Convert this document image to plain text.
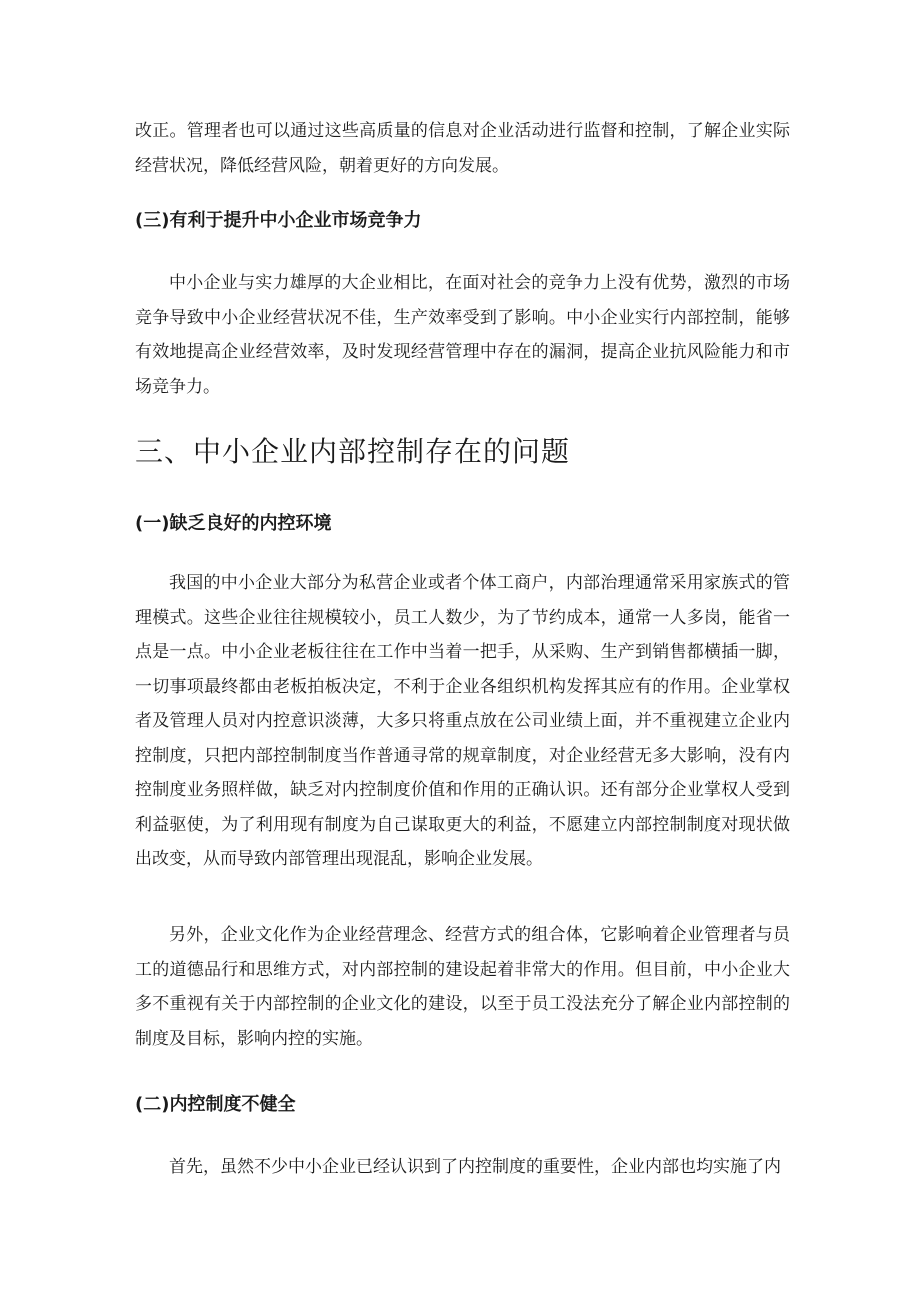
改正。管理者也可以通过这些高质量的信息对企业活动进行监督和控制，了解企业实际经营状况，降低经营风险，朝着更好的方向发展。

(三)有利于提升中小企业市场竞争力

中小企业与实力雄厚的大企业相比，在面对社会的竞争力上没有优势，激烈的市场竞争导致中小企业经营状况不佳，生产效率受到了影响。中小企业实行内部控制，能够有效地提高企业经营效率，及时发现经营管理中存在的漏洞，提高企业抗风险能力和市场竞争力。

三、中小企业内部控制存在的问题
(一)缺乏良好的内控环境

我国的中小企业大部分为私营企业或者个体工商户，内部治理通常采用家族式的管理模式。这些企业往往规模较小，员工人数少，为了节约成本，通常一人多岗，能省一点是一点。中小企业老板往往在工作中当着一把手，从采购、生产到销售都横插一脚，一切事项最终都由老板拍板决定，不利于企业各组织机构发挥其应有的作用。企业掌权者及管理人员对内控意识淡薄，大多只将重点放在公司业绩上面，并不重视建立企业内控制度，只把内部控制制度当作普通寻常的规章制度，对企业经营无多大影响，没有内控制度业务照样做，缺乏对内控制度价值和作用的正确认识。还有部分企业掌权人受到利益驱使，为了利用现有制度为自己谋取更大的利益，不愿建立内部控制制度对现状做出改变，从而导致内部管理出现混乱，影响企业发展。

另外，企业文化作为企业经营理念、经营方式的组合体，它影响着企业管理者与员工的道德品行和思维方式，对内部控制的建设起着非常大的作用。但目前，中小企业大多不重视有关于内部控制的企业文化的建设，以至于员工没法充分了解企业内部控制的制度及目标，影响内控的实施。

(二)内控制度不健全

首先，虽然不少中小企业已经认识到了内控制度的重要性，企业内部也均实施了内
